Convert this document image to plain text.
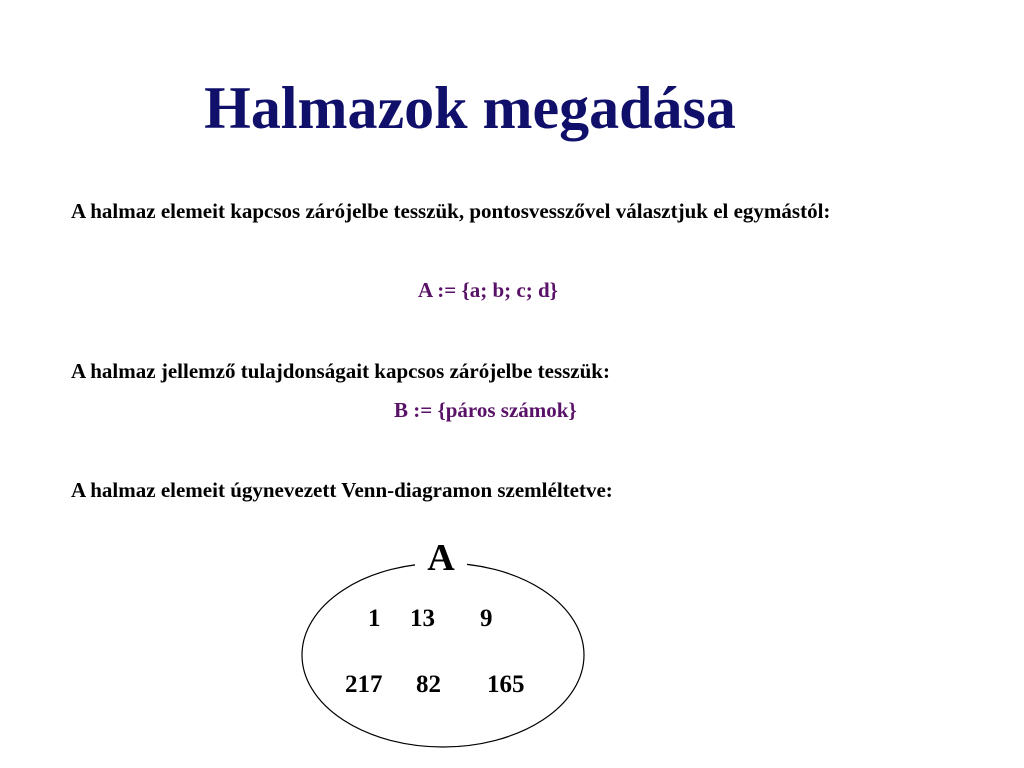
Halmazok megadása
A halmaz elemeit kapcsos zárójelbe tesszük, pontosvesszővel választjuk el egymástól:
A := {a; b; c; d}
A halmaz jellemző tulajdonságait kapcsos zárójelbe tesszük:
B := {páros számok}
A halmaz elemeit úgynevezett Venn-diagramon szemléltetve:
A
1 13 9
217 82 165
